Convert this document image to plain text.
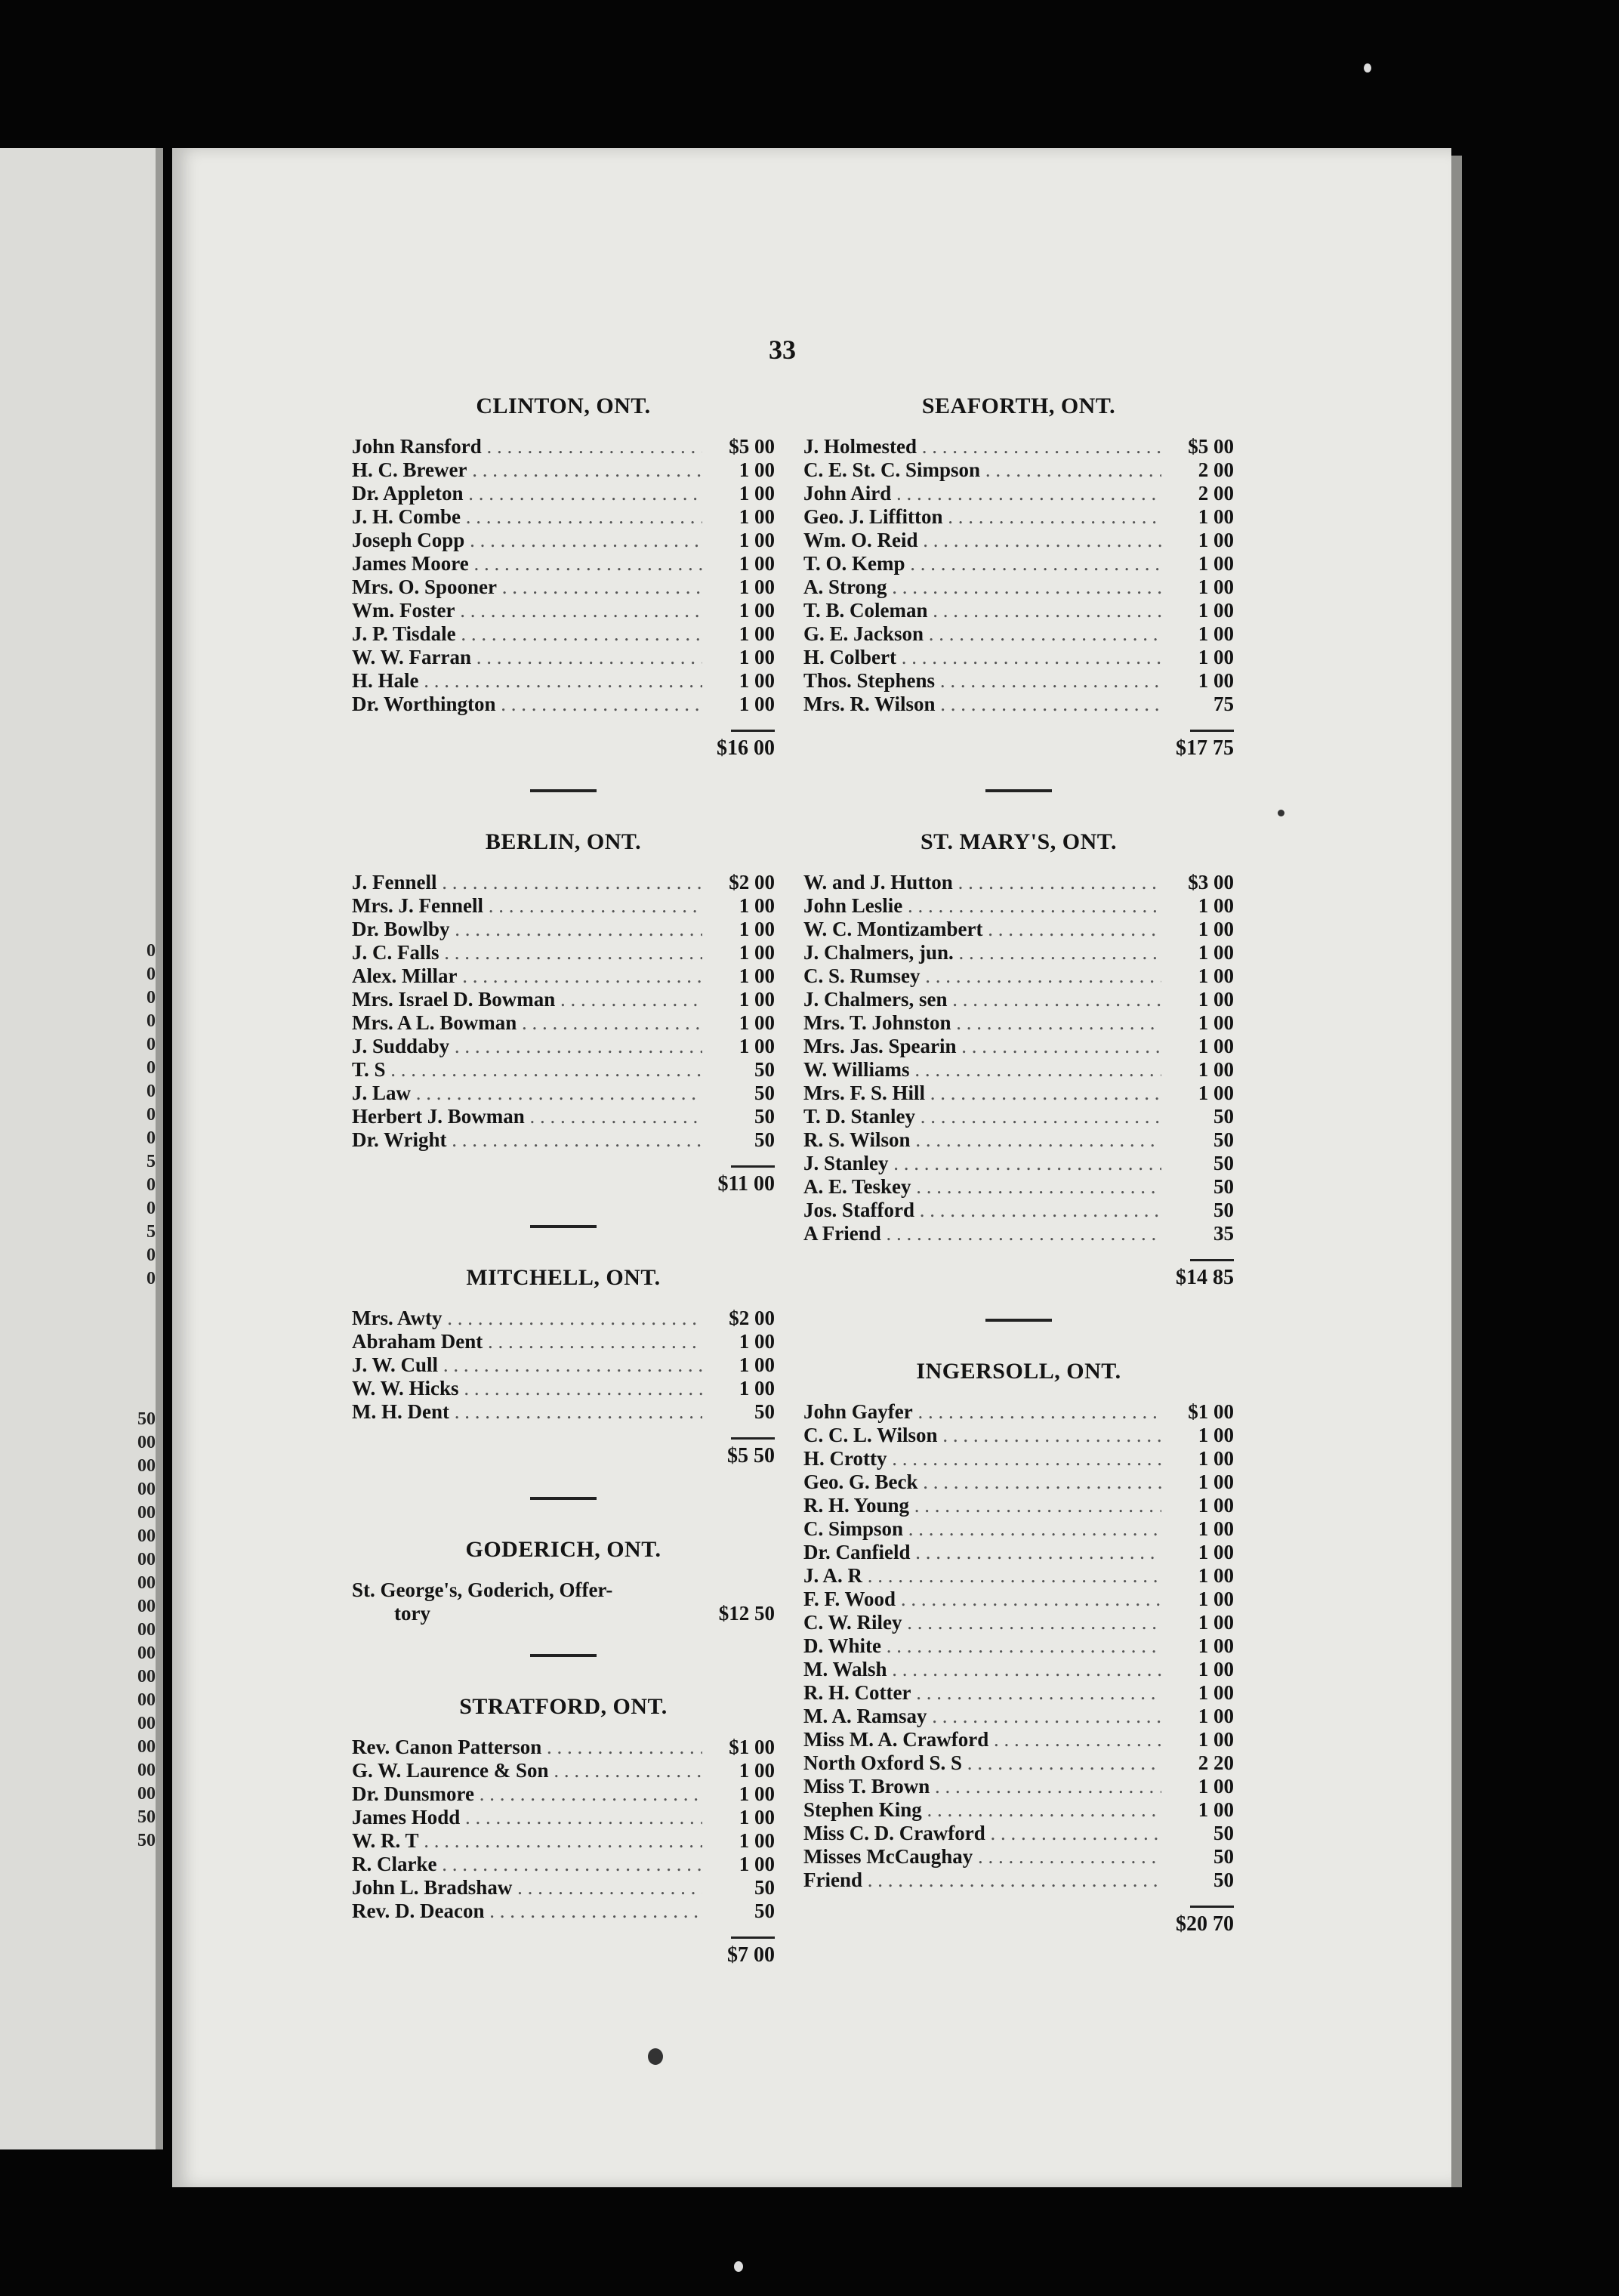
0
0
0
0
0
0
0
0
0
5
0
0
5
0
0
50
00
00
00
00
00
00
00
00
00
00
00
00
00
00
00
00
50
50
33
CLINTON, ONT.
John Ransford . . .	$5 00
H. C. Brewer . . .	1 00
Dr. Appleton . . .	1 00
J. H. Combe . . .	1 00
Joseph Copp . . .	1 00
James Moore . . .	1 00
Mrs. O. Spooner . . .	1 00
Wm. Foster . . .	1 00
J. P. Tisdale . . .	1 00
W. W. Farran . . .	1 00
H. Hale . . .	1 00
Dr. Worthington . . .	1 00
$16 00
BERLIN, ONT.
J. Fennell . . .	$2 00
Mrs. J. Fennell . . .	1 00
Dr. Bowlby . . .	1 00
J. C. Falls . . .	1 00
Alex. Millar . . .	1 00
Mrs. Israel D. Bowman . . .	1 00
Mrs. A L. Bowman . . .	1 00
J. Suddaby . . .	1 00
T. S . . .	50
J. Law . . .	50
Herbert J. Bowman . . .	50
Dr. Wright . . .	50
$11 00
MITCHELL, ONT.
Mrs. Awty . . .	$2 00
Abraham Dent . . .	1 00
J. W. Cull . . .	1 00
W. W. Hicks . . .	1 00
M. H. Dent . . .	50
$5 50
GODERICH, ONT.
St. George's, Goderich, Offer-
tory	$12 50
STRATFORD, ONT.
Rev. Canon Patterson . . .	$1 00
G. W. Laurence & Son . . .	1 00
Dr. Dunsmore . . .	1 00
James Hodd . . .	1 00
W. R. T . . .	1 00
R. Clarke . . .	1 00
John L. Bradshaw . . .	50
Rev. D. Deacon . . .	50
$7 00
SEAFORTH, ONT.
J. Holmested . . .	$5 00
C. E. St. C. Simpson . . .	2 00
John Aird . . .	2 00
Geo. J. Liffitton . . .	1 00
Wm. O. Reid . . .	1 00
T. O. Kemp . . .	1 00
A. Strong . . .	1 00
T. B. Coleman . . .	1 00
G. E. Jackson . . .	1 00
H. Colbert . . .	1 00
Thos. Stephens . . .	1 00
Mrs. R. Wilson . . .	75
$17 75
ST. MARY'S, ONT.
W. and J. Hutton . . .	$3 00
John Leslie . . .	1 00
W. C. Montizambert . . .	1 00
J. Chalmers, jun. . . .	1 00
C. S. Rumsey . . .	1 00
J. Chalmers, sen . . .	1 00
Mrs. T. Johnston . . .	1 00
Mrs. Jas. Spearin . . .	1 00
W. Williams . . .	1 00
Mrs. F. S. Hill . . .	1 00
T. D. Stanley . . .	50
R. S. Wilson . . .	50
J. Stanley . . .	50
A. E. Teskey . . .	50
Jos. Stafford . . .	50
A Friend . . .	35
$14 85
INGERSOLL, ONT.
John Gayfer . . .	$1 00
C. C. L. Wilson . . .	1 00
H. Crotty . . .	1 00
Geo. G. Beck . . .	1 00
R. H. Young . . .	1 00
C. Simpson . . .	1 00
Dr. Canfield . . .	1 00
J. A. R . . .	1 00
F. F. Wood . . .	1 00
C. W. Riley . . .	1 00
D. White . . .	1 00
M. Walsh . . .	1 00
R. H. Cotter . . .	1 00
M. A. Ramsay . . .	1 00
Miss M. A. Crawford . . .	1 00
North Oxford S. S . . .	2 20
Miss T. Brown . . .	1 00
Stephen King . . .	1 00
Miss C. D. Crawford . . .	50
Misses McCaughay . . .	50
Friend . . .	50
$20 70
